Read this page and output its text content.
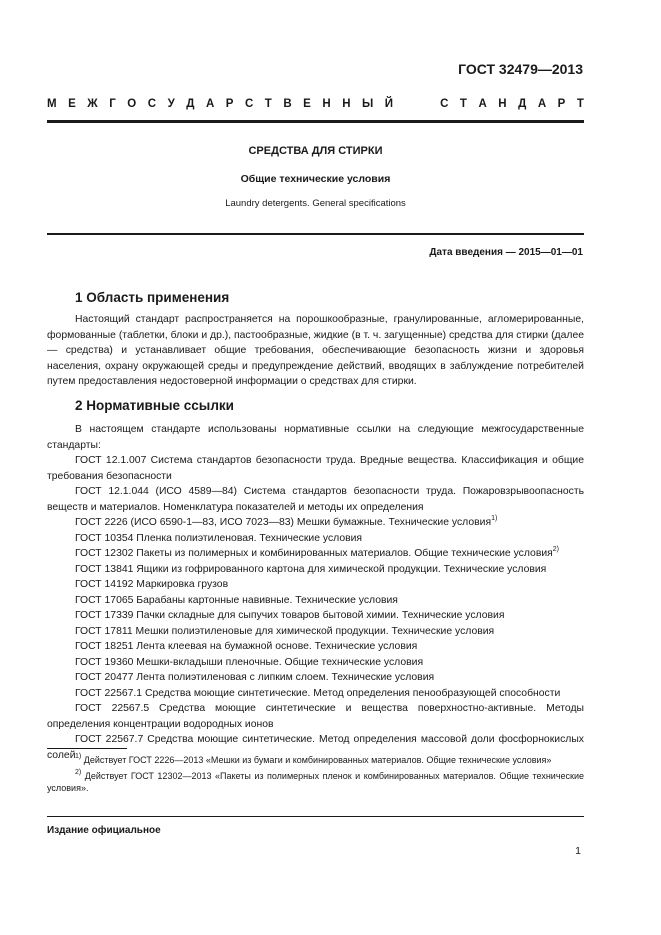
ГОСТ 32479—2013
М Е Ж Г О С У Д А Р С Т В Е Н Н Ы Й	С Т А Н Д А Р Т
СРЕДСТВА ДЛЯ СТИРКИ
Общие технические условия
Laundry detergents. General specifications
Дата введения — 2015—01—01
1 Область применения

Настоящий стандарт распространяется на порошкообразные, гранулированные, агломерированные, формованные (таблетки, блоки и др.), пастообразные, жидкие (в т. ч. загущенные) средства для стирки (далее — средства) и устанавливает общие требования, обеспечивающие безопасность жизни и здоровья населения, охрану окружающей среды и предупреждение действий, вводящих в заблуждение потребителей путем предоставления недостоверной информации о средствах для стирки.

2 Нормативные ссылки

В настоящем стандарте использованы нормативные ссылки на следующие межгосударственные стандарты:

ГОСТ 12.1.007 Система стандартов безопасности труда. Вредные вещества. Классификация и общие требования безопасности

ГОСТ 12.1.044 (ИСО 4589—84) Система стандартов безопасности труда. Пожаровзрывоопасность веществ и материалов. Номенклатура показателей и методы их определения

ГОСТ 2226 (ИСО 6590-1—83, ИСО 7023—83) Мешки бумажные. Технические условия$^{1)}$

ГОСТ 10354 Пленка полиэтиленовая. Технические условия

ГОСТ 12302 Пакеты из полимерных и комбинированных материалов. Общие технические условия$^{2)}$

ГОСТ 13841 Ящики из гофрированного картона для химической продукции. Технические условия

ГОСТ 14192 Маркировка грузов

ГОСТ 17065 Барабаны картонные навивные. Технические условия

ГОСТ 17339 Пачки складные для сыпучих товаров бытовой химии. Технические условия

ГОСТ 17811 Мешки полиэтиленовые для химической продукции. Технические условия

ГОСТ 18251 Лента клеевая на бумажной основе. Технические условия

ГОСТ 19360 Мешки-вкладыши пленочные. Общие технические условия

ГОСТ 20477 Лента полиэтиленовая с липким слоем. Технические условия

ГОСТ 22567.1 Средства моющие синтетические. Метод определения пенообразующей способности

ГОСТ 22567.5 Средства моющие синтетические и вещества поверхностно-активные. Методы определения концентрации водородных ионов

ГОСТ 22567.7 Средства моющие синтетические. Метод определения массовой доли фосфорнокислых солей $^{1)}$ Действует ГОСТ 2226—2013 «Мешки из бумаги и комбинированных материалов. Общие технические условия»

$^{2)}$ Действует ГОСТ 12302—2013 «Пакеты из полимерных пленок и комбинированных материалов. Общие технические условия».

Издание официальное
1
